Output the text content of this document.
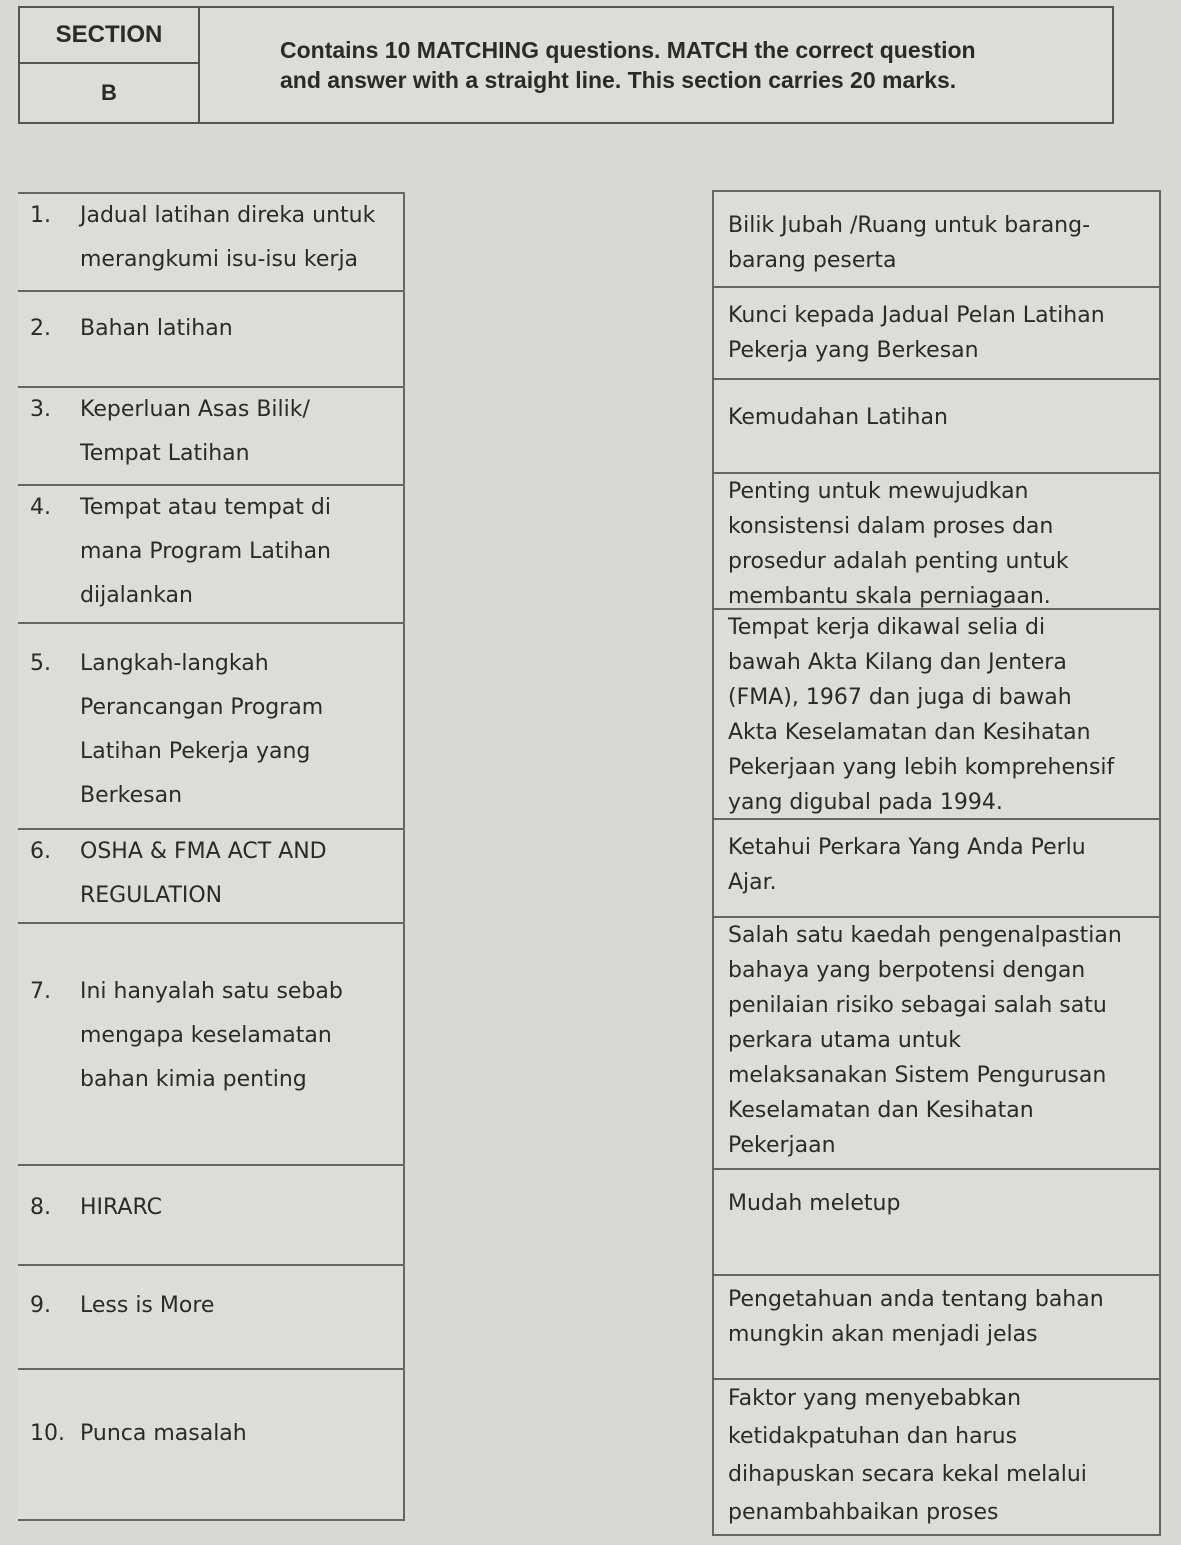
SECTION
B
Contains 10 MATCHING questions. MATCH the correct question
and answer with a straight line. This section carries 20 marks.
1.	Jadual latihan direka untuk
merangkumi isu-isu kerja
2.	Bahan latihan
3.	Keperluan Asas Bilik/
Tempat Latihan
4.	Tempat atau tempat di
mana Program Latihan
dijalankan
5.	Langkah-langkah
Perancangan Program
Latihan Pekerja yang
Berkesan
6.	OSHA & FMA ACT AND
REGULATION
7.	Ini hanyalah satu sebab
mengapa keselamatan
bahan kimia penting
8.	HIRARC
9.	Less is More
10. Punca masalah
Bilik Jubah /Ruang untuk barang-
barang peserta
Kunci kepada Jadual Pelan Latihan
Pekerja yang Berkesan
Kemudahan Latihan
Penting untuk mewujudkan
konsistensi dalam proses dan
prosedur adalah penting untuk
membantu skala perniagaan.
Tempat kerja dikawal selia di
bawah Akta Kilang dan Jentera
(FMA), 1967 dan juga di bawah
Akta Keselamatan dan Kesihatan
Pekerjaan yang lebih komprehensif
yang digubal pada 1994.
Ketahui Perkara Yang Anda Perlu
Ajar.
Salah satu kaedah pengenalpastian
bahaya yang berpotensi dengan
penilaian risiko sebagai salah satu
perkara utama untuk
melaksanakan Sistem Pengurusan
Keselamatan dan Kesihatan
Pekerjaan
Mudah meletup
Pengetahuan anda tentang bahan
mungkin akan menjadi jelas
Faktor yang menyebabkan
ketidakpatuhan dan harus
dihapuskan secara kekal melalui
penambahbaikan proses
